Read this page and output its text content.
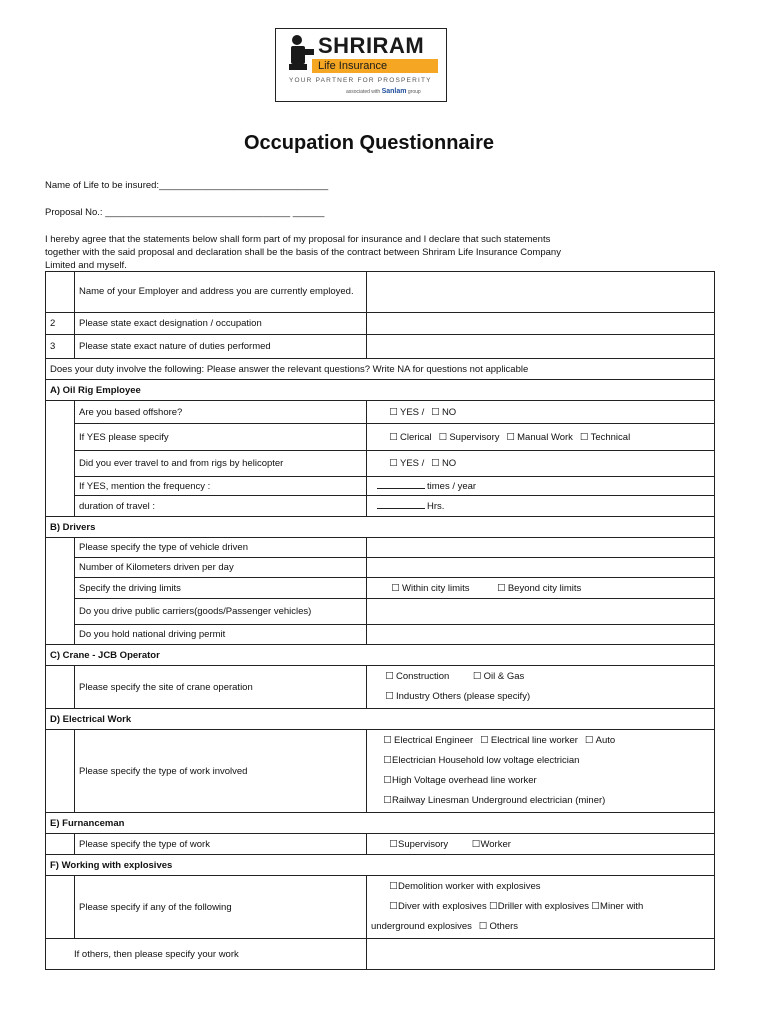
SHRIRAM
Life Insurance
YOUR PARTNER FOR PROSPERITY
associated with Sanlam group
Occupation Questionnaire
Name of Life to be insured:________________________________
Proposal No.: ___________________________________ ______
I hereby agree that the statements below shall form part of my proposal for insurance and I declare that such statements together with the said proposal and declaration shall be the basis of the contract between Shriram Life Insurance Company Limited and myself.
	Name of your Employer and address you are currently employed.	
2	Please state exact designation / occupation	
3	Please state exact nature of duties performed	
Does your duty involve the following: Please answer the relevant questions? Write NA for questions not applicable		
A) Oil Rig Employee		
	Are you based offshore?	☐ YES / ☐ NO
	If YES please specify	☐ Clerical ☐ Supervisory ☐ Manual Work ☐ Technical
	Did you ever travel to and from rigs by helicopter	☐ YES / ☐ NO
	If YES, mention the frequency :	times / year
	duration of travel :	Hrs.
B) Drivers		
	Please specify the type of vehicle driven	
	Number of Kilometers driven per day	
	Specify the driving limits	☐ Within city limits ☐ Beyond city limits
	Do you drive public carriers(goods/Passenger vehicles)	
	Do you hold national driving permit	
C) Crane - JCB Operator		
	Please specify the site of crane operation	☐ Construction ☐ Oil & Gas
☐ Industry Others (please specify)

D) Electrical Work		
	Please specify the type of work involved	☐ Electrical Engineer ☐ Electrical line worker ☐ Auto
☐Electrician Household low voltage electrician
☐High Voltage overhead line worker
☐Railway Linesman Underground electrician (miner)

E) Furnanceman		
	Please specify the type of work	☐Supervisory ☐Worker
F) Working with explosives		
	Please specify if any of the following	☐Demolition worker with explosives
☐Diver with explosives ☐Driller with explosives ☐Miner with
underground explosives ☐ Others

If others, then please specify your work		
